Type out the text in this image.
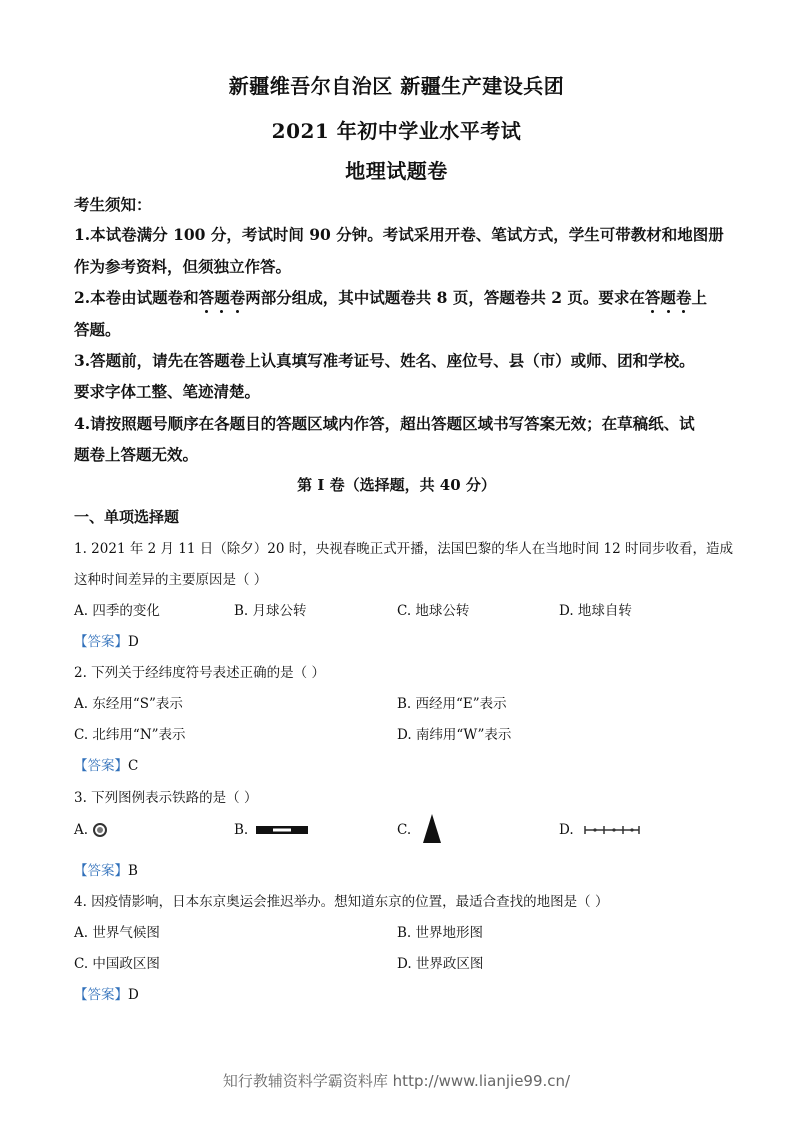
新疆维吾尔自治区 新疆生产建设兵团
2021 年初中学业水平考试
地理试题卷
考生须知：
1.本试卷满分 100 分，考试时间 90 分钟。考试采用开卷、笔试方式，学生可带教材和地图册
作为参考资料，但须独立作答。
2.本卷由试题卷和答题卷两部分组成，其中试题卷共 8 页，答题卷共 2 页。要求在答题卷上
答题。
3.答题前，请先在答题卷上认真填写准考证号、姓名、座位号、县（市）或师、团和学校。
要求字体工整、笔迹清楚。
4.请按照题号顺序在各题目的答题区域内作答，超出答题区域书写答案无效；在草稿纸、试
题卷上答题无效。
第 I 卷（选择题，共 40 分）
一、单项选择题
1. 2021 年 2 月 11 日（除夕）20 时，央视春晚正式开播，法国巴黎的华人在当地时间 12 时同步收看，造成
这种时间差异的主要原因是（ ）
A. 四季的变化	B. 月球公转	C. 地球公转	D. 地球自转
【答案】D
2. 下列关于经纬度符号表述正确的是（ ）
A. 东经用“S”表示	B. 西经用“E”表示
C. 北纬用“N”表示	D. 南纬用“W”表示
【答案】C
3. 下列图例表示铁路的是（ ）
A.	B.	C.	D.
【答案】B
4. 因疫情影响，日本东京奥运会推迟举办。想知道东京的位置，最适合查找的地图是（ ）
A. 世界气候图	B. 世界地形图
C. 中国政区图	D. 世界政区图
【答案】D
知行教辅资料学霸资料库 http://www.lianjie99.cn/
